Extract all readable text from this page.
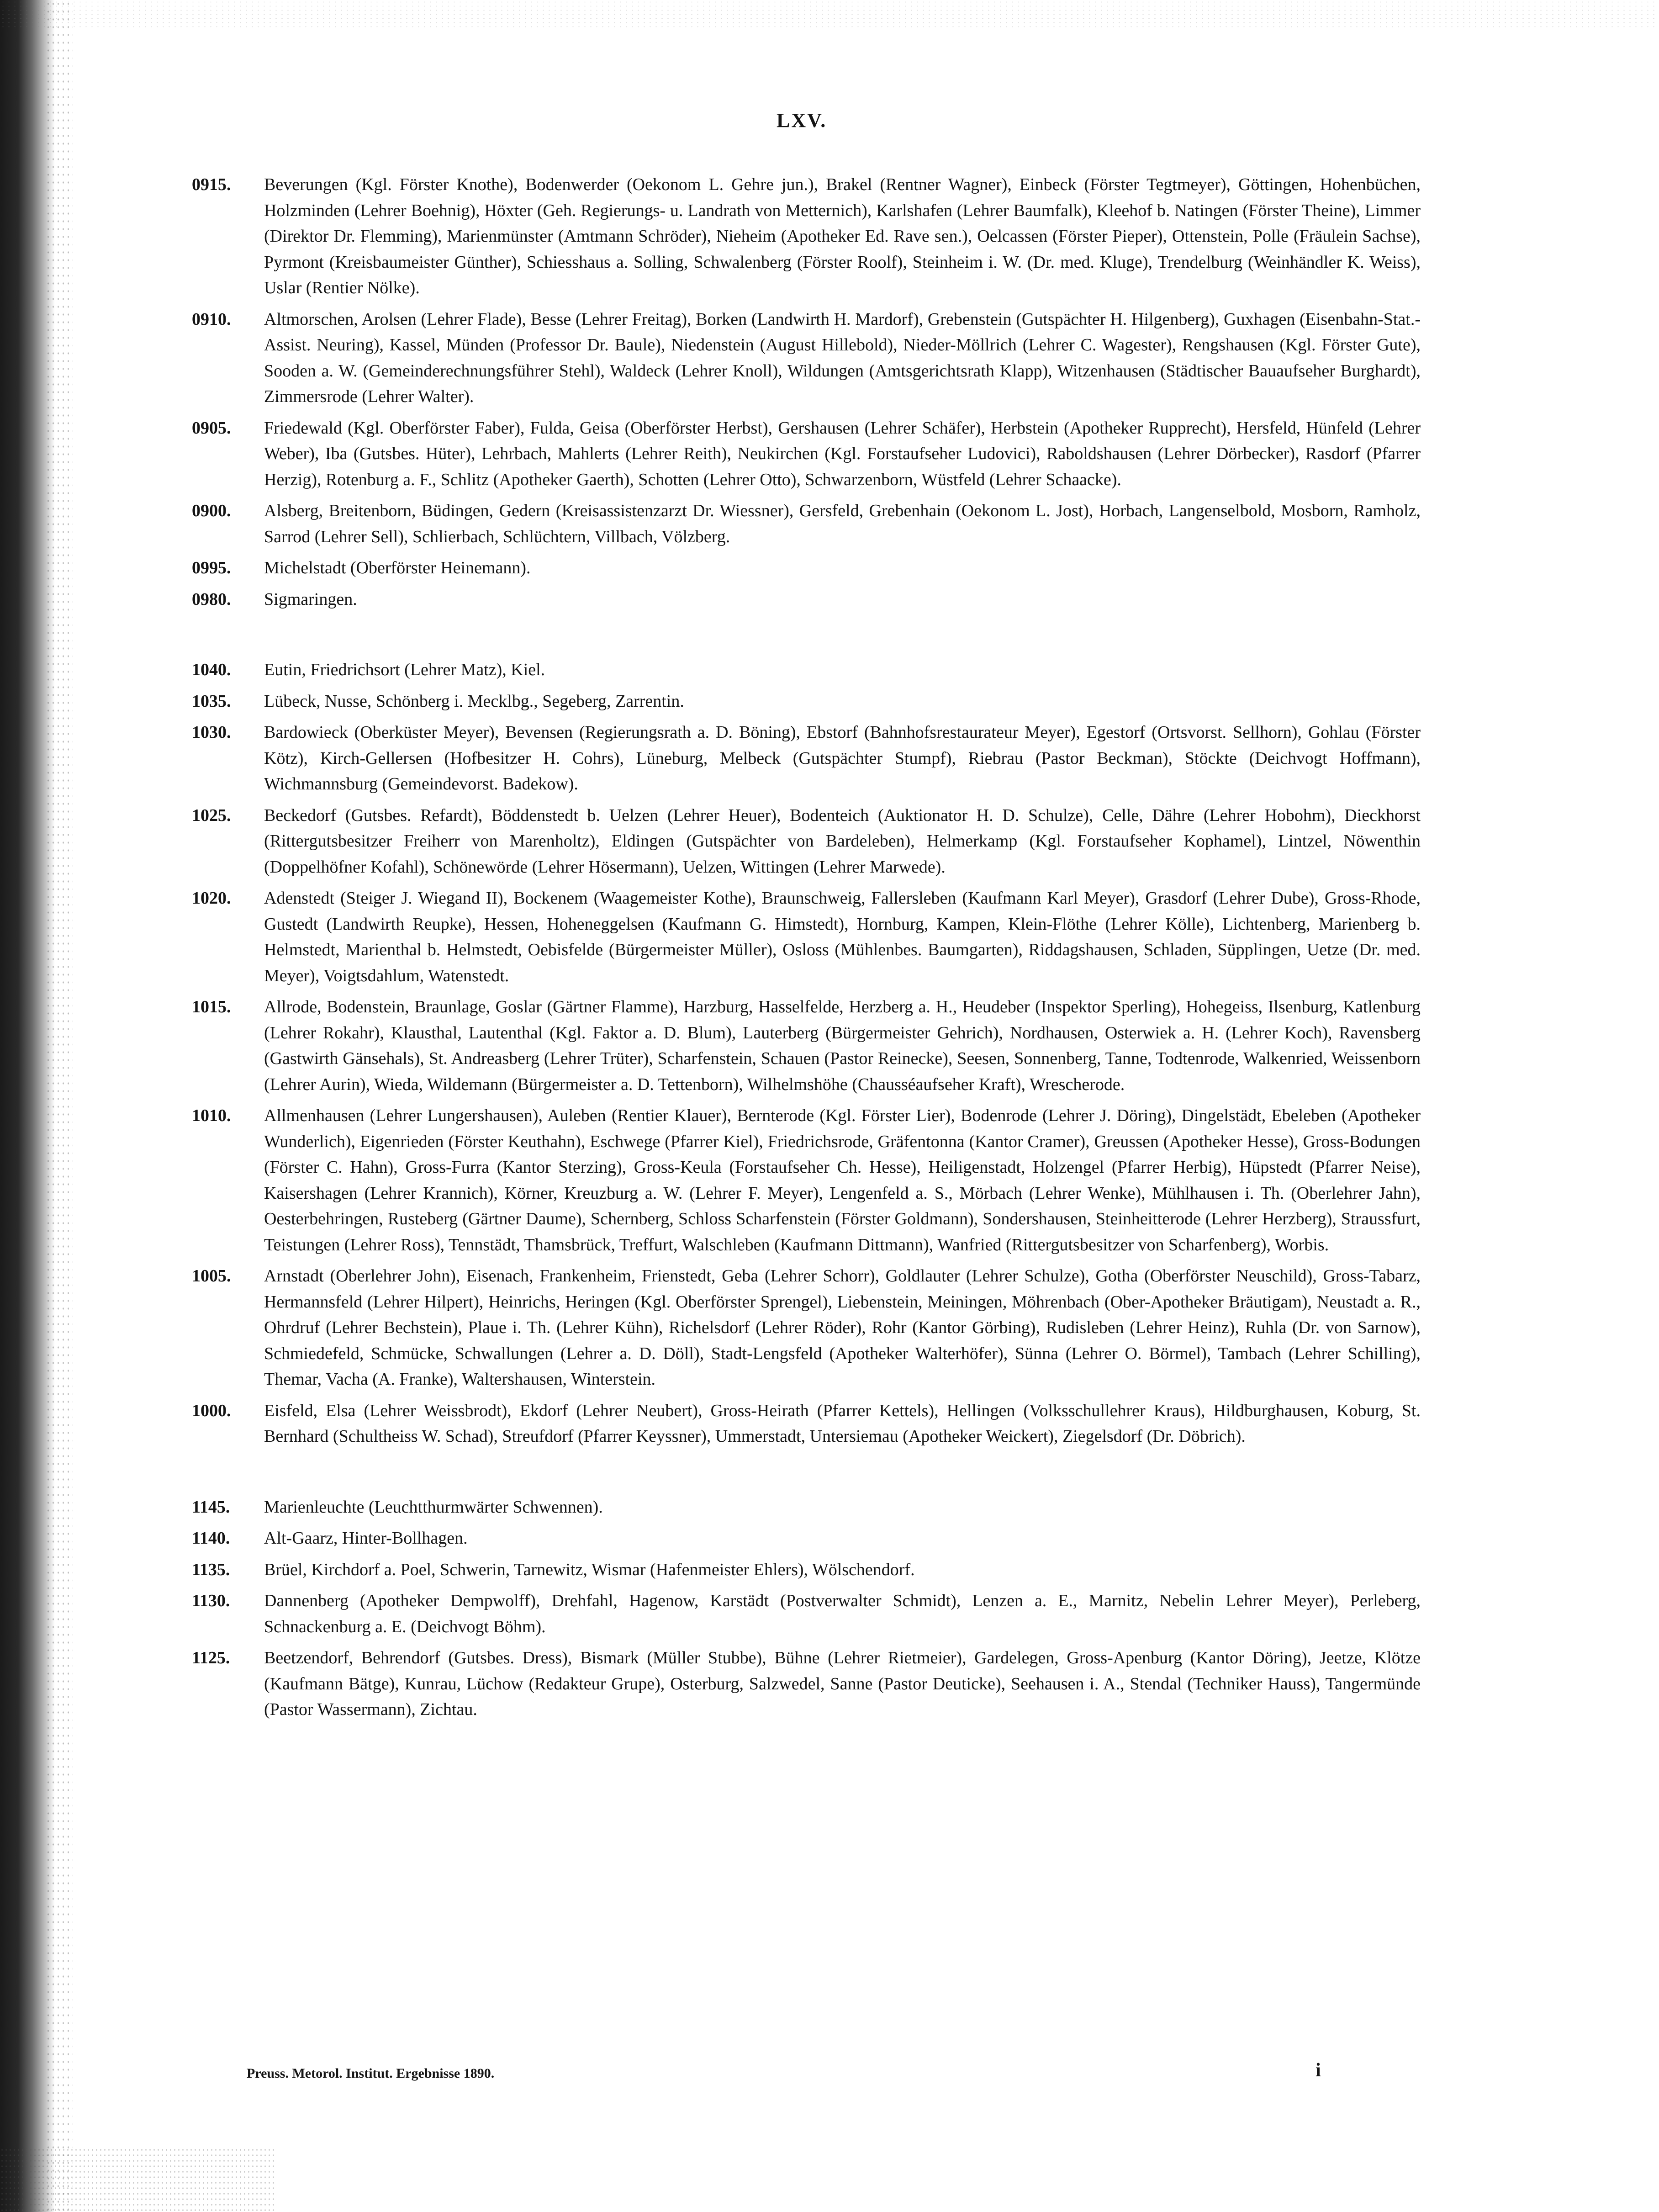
LXV.
0915. Beverungen (Kgl. Förster Knothe), Bodenwerder (Oekonom L. Gehre jun.), Brakel (Rentner Wagner), Einbeck (Förster Tegtmeyer), Göttingen, Hohenbüchen, Holzminden (Lehrer Boehnig), Höxter (Geh. Regierungs- u. Landrath von Metternich), Karlshafen (Lehrer Baumfalk), Kleehof b. Natingen (Förster Theine), Limmer (Direktor Dr. Flemming), Marienmünster (Amtmann Schröder), Nieheim (Apotheker Ed. Rave sen.), Oelcassen (Förster Pieper), Ottenstein, Polle (Fräulein Sachse), Pyrmont (Kreisbaumeister Günther), Schiesshaus a. Solling, Schwalenberg (Förster Roolf), Steinheim i. W. (Dr. med. Kluge), Trendelburg (Weinhändler K. Weiss), Uslar (Rentier Nölke).
0910. Altmorschen, Arolsen (Lehrer Flade), Besse (Lehrer Freitag), Borken (Landwirth H. Mardorf), Grebenstein (Gutspächter H. Hilgenberg), Guxhagen (Eisenbahn-Stat.-Assist. Neuring), Kassel, Münden (Professor Dr. Baule), Niedenstein (August Hillebold), Nieder-Möllrich (Lehrer C. Wagester), Rengshausen (Kgl. Förster Gute), Sooden a. W. (Gemeinderechnungsführer Stehl), Waldeck (Lehrer Knoll), Wildungen (Amtsgerichtsrath Klapp), Witzenhausen (Städtischer Bauaufseher Burghardt), Zimmersrode (Lehrer Walter).
0905. Friedewald (Kgl. Oberförster Faber), Fulda, Geisa (Oberförster Herbst), Gershausen (Lehrer Schäfer), Herbstein (Apotheker Rupprecht), Hersfeld, Hünfeld (Lehrer Weber), Iba (Gutsbes. Hüter), Lehrbach, Mahlerts (Lehrer Reith), Neukirchen (Kgl. Forstaufseher Ludovici), Raboldshausen (Lehrer Dörbecker), Rasdorf (Pfarrer Herzig), Rotenburg a. F., Schlitz (Apotheker Gaerth), Schotten (Lehrer Otto), Schwarzenborn, Wüstfeld (Lehrer Schaacke).
0900. Alsberg, Breitenborn, Büdingen, Gedern (Kreisassistenzarzt Dr. Wiessner), Gersfeld, Grebenhain (Oekonom L. Jost), Horbach, Langenselbold, Mosborn, Ramholz, Sarrod (Lehrer Sell), Schlierbach, Schlüchtern, Villbach, Völzberg.
0995. Michelstadt (Oberförster Heinemann).
0980. Sigmaringen.
1040. Eutin, Friedrichsort (Lehrer Matz), Kiel.
1035. Lübeck, Nusse, Schönberg i. Mecklbg., Segeberg, Zarrentin.
1030. Bardowieck (Oberküster Meyer), Bevensen (Regierungsrath a. D. Böning), Ebstorf (Bahnhofsrestaurateur Meyer), Egestorf (Ortsvorst. Sellhorn), Gohlau (Förster Kötz), Kirch-Gellersen (Hofbesitzer H. Cohrs), Lüneburg, Melbeck (Gutspächter Stumpf), Riebrau (Pastor Beckman), Stöckte (Deichvogt Hoffmann), Wichmannsburg (Gemeindevorst. Badekow).
1025. Beckedorf (Gutsbes. Refardt), Böddenstedt b. Uelzen (Lehrer Heuer), Bodenteich (Auktionator H. D. Schulze), Celle, Dähre (Lehrer Hobohm), Dieckhorst (Rittergutsbesitzer Freiherr von Marenholtz), Eldingen (Gutspächter von Bardeleben), Helmerkamp (Kgl. Forstaufseher Kophamel), Lintzel, Nöwenthin (Doppelhöfner Kofahl), Schönewörde (Lehrer Hösermann), Uelzen, Wittingen (Lehrer Marwede).
1020. Adenstedt (Steiger J. Wiegand II), Bockenem (Waagemeister Kothe), Braunschweig, Fallersleben (Kaufmann Karl Meyer), Grasdorf (Lehrer Dube), Gross-Rhode, Gustedt (Landwirth Reupke), Hessen, Hoheneggelsen (Kaufmann G. Himstedt), Hornburg, Kampen, Klein-Flöthe (Lehrer Kölle), Lichtenberg, Marienberg b. Helmstedt, Marienthal b. Helmstedt, Oebisfelde (Bürgermeister Müller), Osloss (Mühlenbes. Baumgarten), Riddagshausen, Schladen, Süpplingen, Uetze (Dr. med. Meyer), Voigtsdahlum, Watenstedt.
1015. Allrode, Bodenstein, Braunlage, Goslar (Gärtner Flamme), Harzburg, Hasselfelde, Herzberg a. H., Heudeber (Inspektor Sperling), Hohegeiss, Ilsenburg, Katlenburg (Lehrer Rokahr), Klausthal, Lautenthal (Kgl. Faktor a. D. Blum), Lauterberg (Bürgermeister Gehrich), Nordhausen, Osterwiek a. H. (Lehrer Koch), Ravensberg (Gastwirth Gänsehals), St. Andreasberg (Lehrer Trüter), Scharfenstein, Schauen (Pastor Reinecke), Seesen, Sonnenberg, Tanne, Todtenrode, Walkenried, Weissenborn (Lehrer Aurin), Wieda, Wildemann (Bürgermeister a. D. Tettenborn), Wilhelmshöhe (Chausséaufseher Kraft), Wrescherode.
1010. Allmenhausen (Lehrer Lungershausen), Auleben (Rentier Klauer), Bernterode (Kgl. Förster Lier), Bodenrode (Lehrer J. Döring), Dingelstädt, Ebeleben (Apotheker Wunderlich), Eigenrieden (Förster Keuthahn), Eschwege (Pfarrer Kiel), Friedrichsrode, Gräfentonna (Kantor Cramer), Greussen (Apotheker Hesse), Gross-Bodungen (Förster C. Hahn), Gross-Furra (Kantor Sterzing), Gross-Keula (Forstaufseher Ch. Hesse), Heiligenstadt, Holzengel (Pfarrer Herbig), Hüpstedt (Pfarrer Neise), Kaisershagen (Lehrer Krannich), Körner, Kreuzburg a. W. (Lehrer F. Meyer), Lengenfeld a. S., Mörbach (Lehrer Wenke), Mühlhausen i. Th. (Oberlehrer Jahn), Oesterbehringen, Rusteberg (Gärtner Daume), Schernberg, Schloss Scharfenstein (Förster Goldmann), Sondershausen, Steinheitterode (Lehrer Herzberg), Straussfurt, Teistungen (Lehrer Ross), Tennstädt, Thamsbrück, Treffurt, Walschleben (Kaufmann Dittmann), Wanfried (Rittergutsbesitzer von Scharfenberg), Worbis.
1005. Arnstadt (Oberlehrer John), Eisenach, Frankenheim, Frienstedt, Geba (Lehrer Schorr), Goldlauter (Lehrer Schulze), Gotha (Oberförster Neuschild), Gross-Tabarz, Hermannsfeld (Lehrer Hilpert), Heinrichs, Heringen (Kgl. Oberförster Sprengel), Liebenstein, Meiningen, Möhrenbach (Ober-Apotheker Bräutigam), Neustadt a. R., Ohrdruf (Lehrer Bechstein), Plaue i. Th. (Lehrer Kühn), Richelsdorf (Lehrer Röder), Rohr (Kantor Görbing), Rudisleben (Lehrer Heinz), Ruhla (Dr. von Sarnow), Schmiedefeld, Schmücke, Schwallungen (Lehrer a. D. Döll), Stadt-Lengsfeld (Apotheker Walterhöfer), Sünna (Lehrer O. Börmel), Tambach (Lehrer Schilling), Themar, Vacha (A. Franke), Waltershausen, Winterstein.
1000. Eisfeld, Elsa (Lehrer Weissbrodt), Ekdorf (Lehrer Neubert), Gross-Heirath (Pfarrer Kettels), Hellingen (Volksschullehrer Kraus), Hildburghausen, Koburg, St. Bernhard (Schultheiss W. Schad), Streufdorf (Pfarrer Keyssner), Ummerstadt, Untersiemau (Apotheker Weickert), Ziegelsdorf (Dr. Döbrich).
1145. Marienleuchte (Leuchtthurmwärter Schwennen).
1140. Alt-Gaarz, Hinter-Bollhagen.
1135. Brüel, Kirchdorf a. Poel, Schwerin, Tarnewitz, Wismar (Hafenmeister Ehlers), Wölschendorf.
1130. Dannenberg (Apotheker Dempwolff), Drehfahl, Hagenow, Karstädt (Postverwalter Schmidt), Lenzen a. E., Marnitz, Nebelin Lehrer Meyer), Perleberg, Schnackenburg a. E. (Deichvogt Böhm).
1125. Beetzendorf, Behrendorf (Gutsbes. Dress), Bismark (Müller Stubbe), Bühne (Lehrer Rietmeier), Gardelegen, Gross-Apenburg (Kantor Döring), Jeetze, Klötze (Kaufmann Bätge), Kunrau, Lüchow (Redakteur Grupe), Osterburg, Salzwedel, Sanne (Pastor Deuticke), Seehausen i. A., Stendal (Techniker Hauss), Tangermünde (Pastor Wassermann), Zichtau.
Preuss. Metorol. Institut. Ergebnisse 1890.	i
